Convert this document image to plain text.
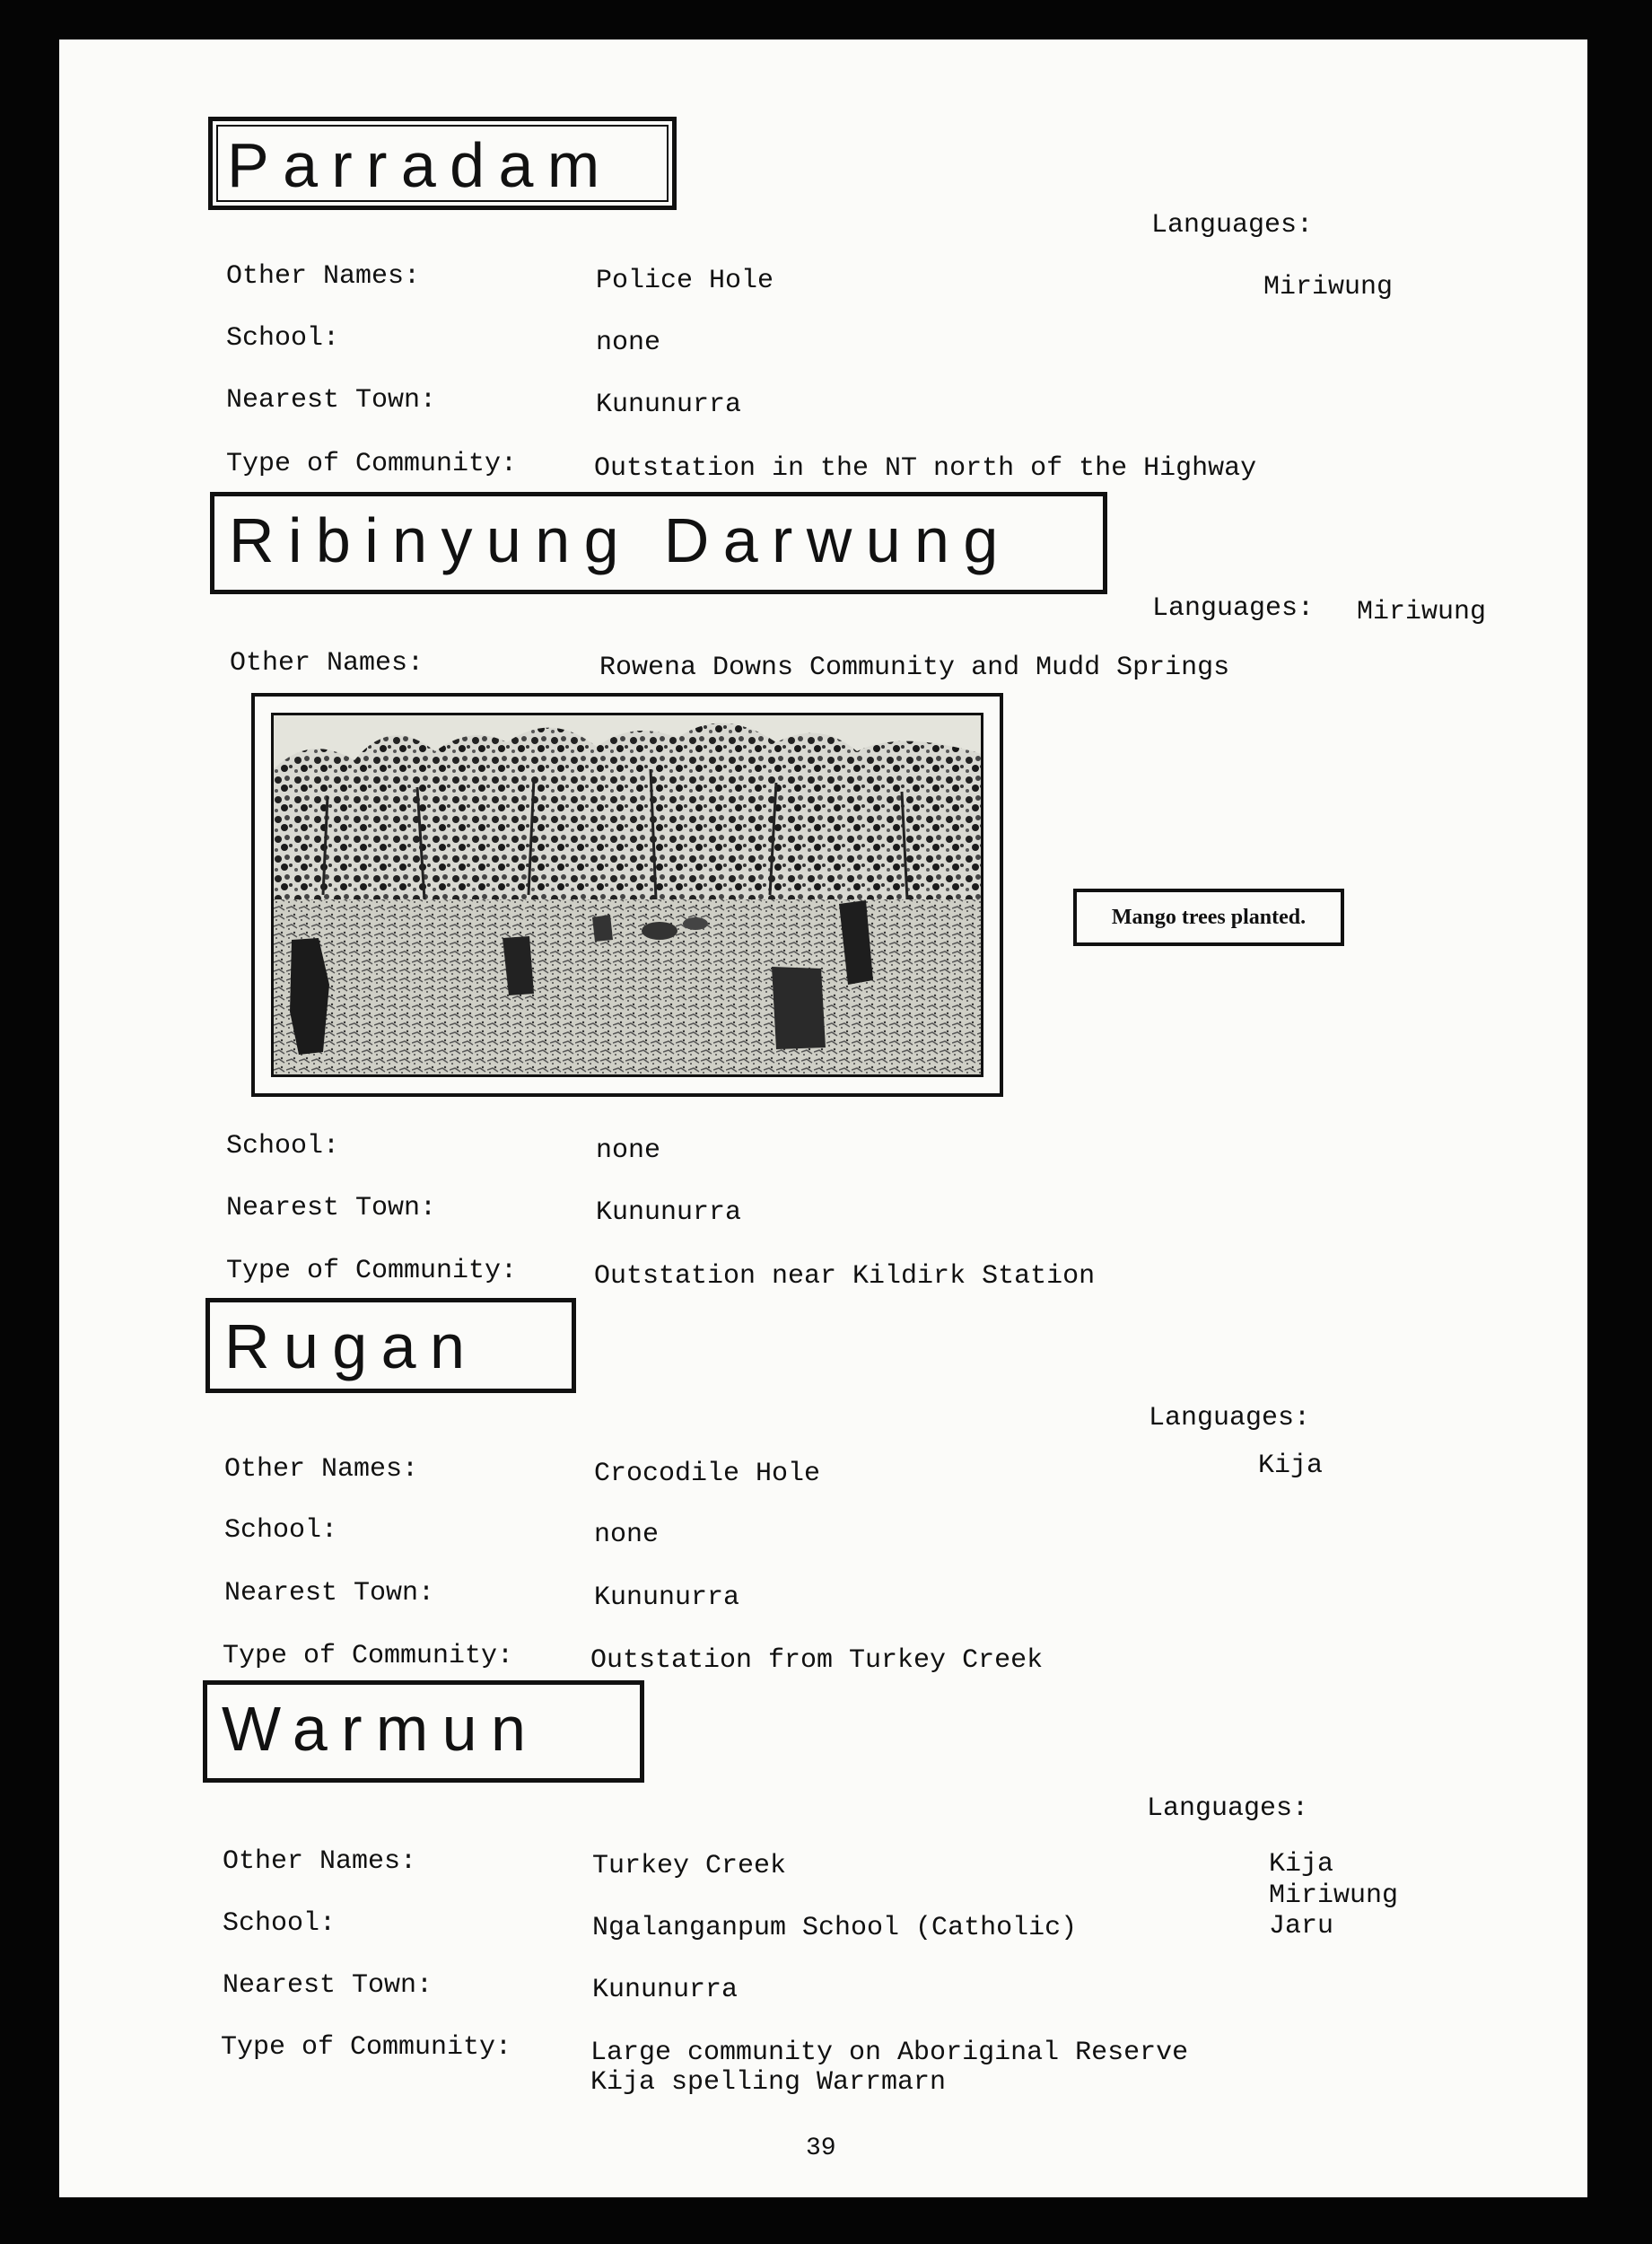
Parradam
Languages:
Miriwung
Other Names:	Police Hole
School:	none
Nearest Town:	Kununurra
Type of Community:	Outstation in the NT north of the Highway
Ribinyung Darwung
Languages: Miriwung
Other Names:	Rowena Downs Community and Mudd Springs
Mango trees planted.
School:	none
Nearest Town:	Kununurra
Type of Community:	Outstation near Kildirk Station
Rugan
Languages:
Kija
Other Names:	Crocodile Hole
School:	none
Nearest Town:	Kununurra
Type of Community:	Outstation from Turkey Creek
Warmun
Languages:
Kija
Miriwung
Jaru
Other Names:	Turkey Creek
School:	Ngalanganpum School (Catholic)
Nearest Town:	Kununurra
Type of Community:	Large community on Aboriginal Reserve
Kija spelling Warrmarn
39
